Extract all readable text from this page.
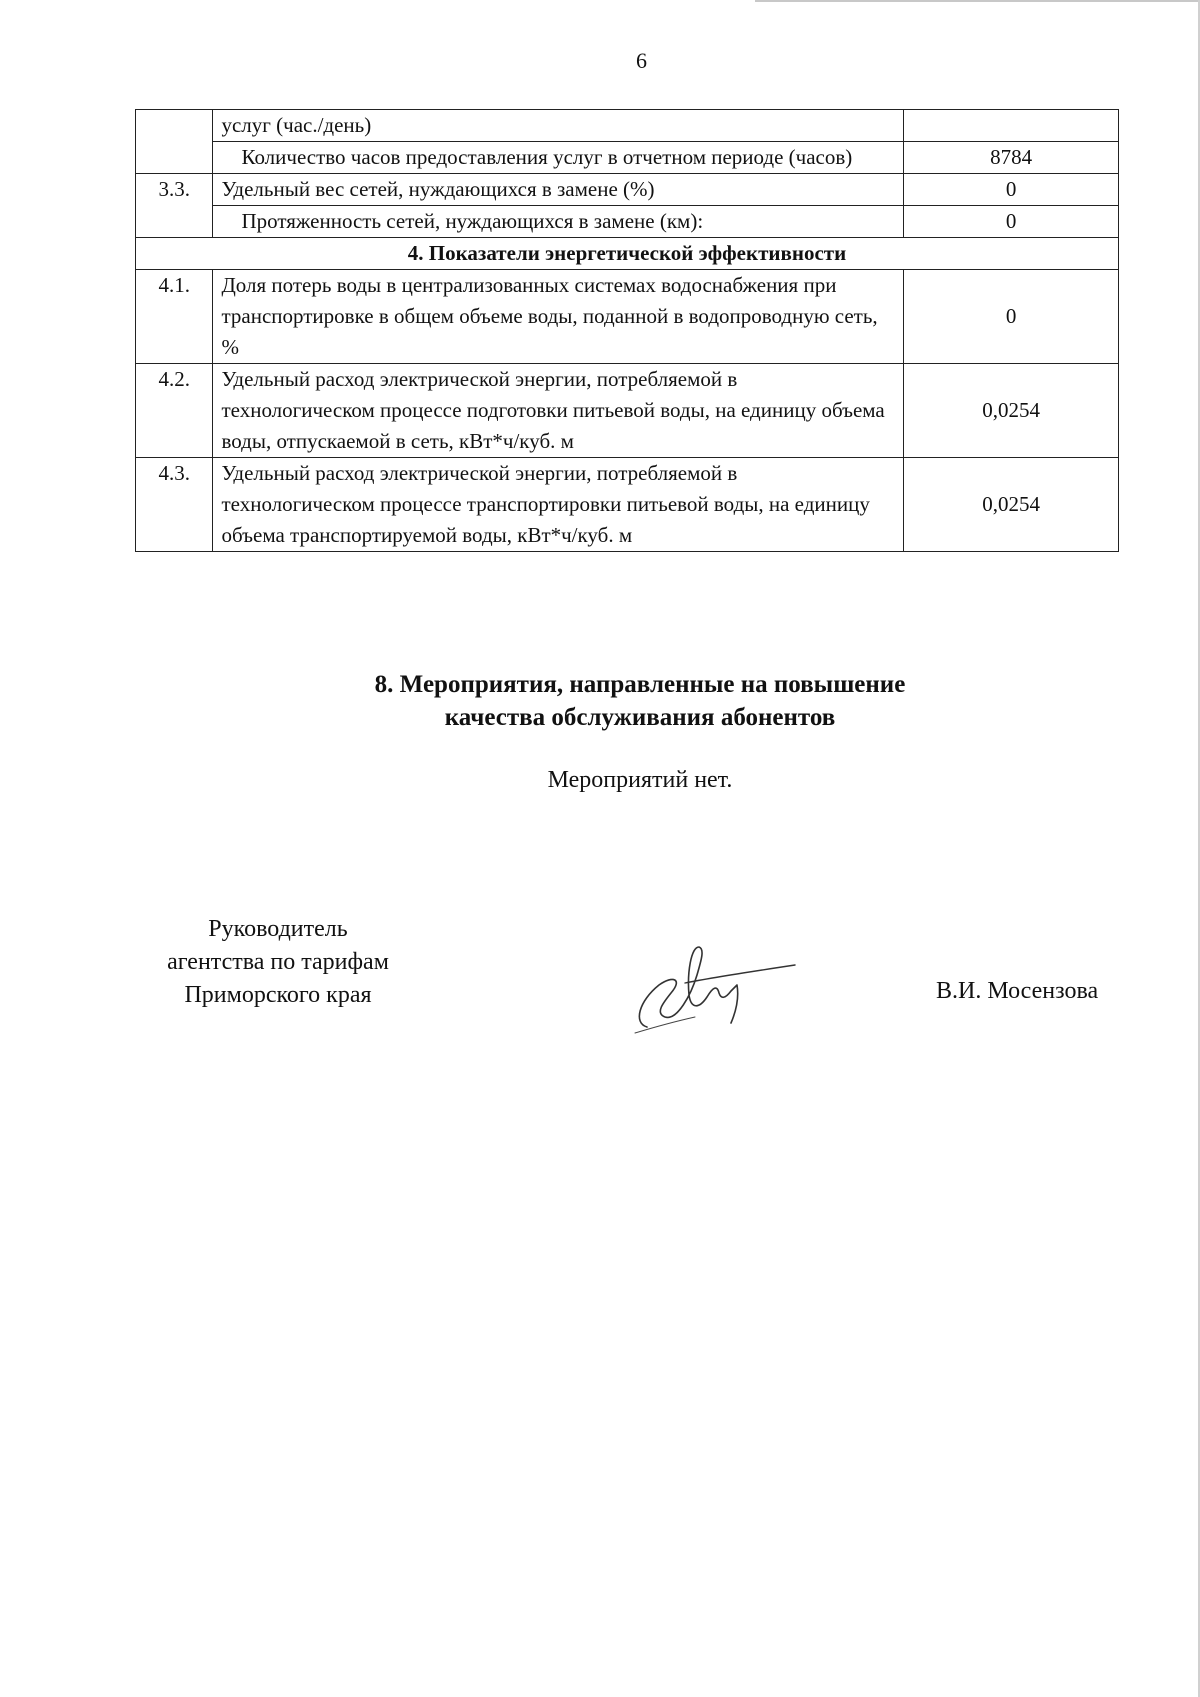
6
	услуг (час./день)	
	Количество часов предоставления услуг в отчетном периоде (часов)	8784
3.3.	Удельный вес сетей, нуждающихся в замене (%)	0
	Протяженность сетей, нуждающихся в замене (км):	0
4. Показатели энергетической эффективности		
4.1.	Доля потерь воды в централизованных системах водоснабжения при транспортировке в общем объеме воды, поданной в водопроводную сеть, %	0
4.2.	Удельный расход электрической энергии, потребляемой в технологическом процессе подготовки питьевой воды, на единицу объема воды, отпускаемой в сеть, кВт*ч/куб. м	0,0254
4.3.	Удельный расход электрической энергии, потребляемой в технологическом процессе транспортировки питьевой воды, на единицу объема транспортируемой воды, кВт*ч/куб. м	0,0254
8. Мероприятия, направленные на повышение
качества обслуживания абонентов
Мероприятий нет.
Руководитель
агентства по тарифам
Приморского края	В.И. Мосензова
